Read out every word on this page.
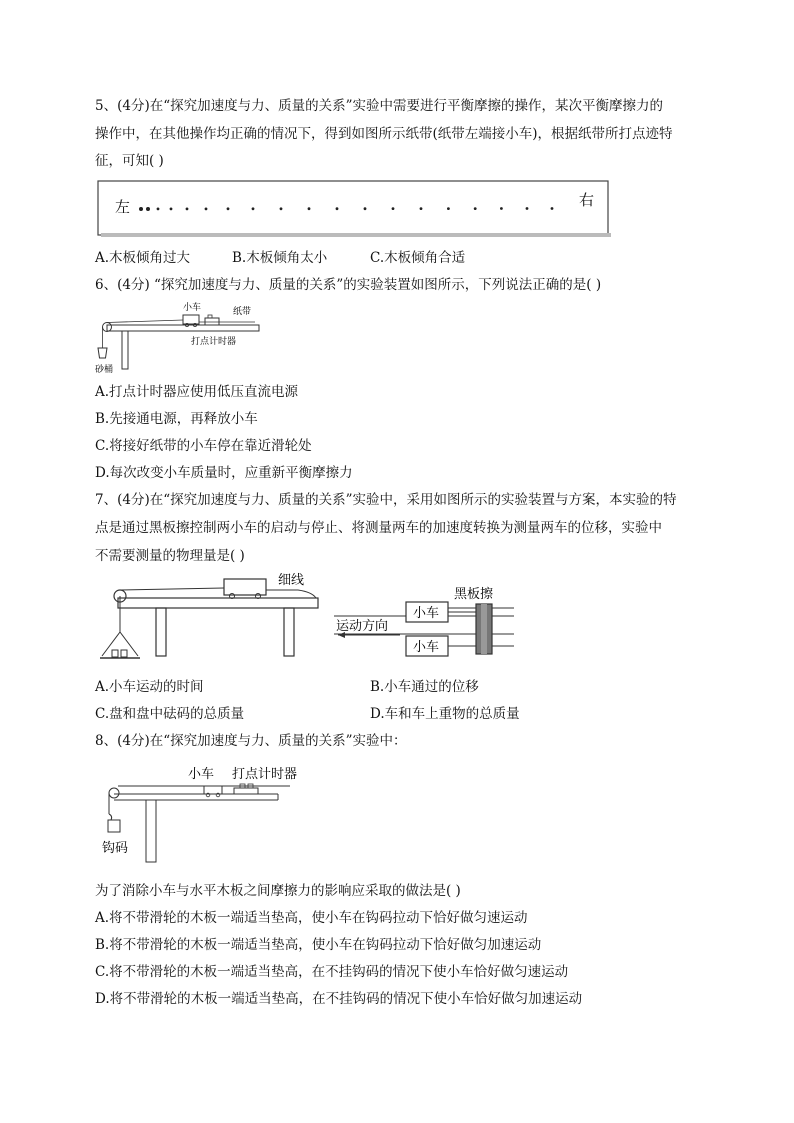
5、(4分)在“探究加速度与力、质量的关系”实验中需要进行平衡摩擦的操作，某次平衡摩擦力的
操作中，在其他操作均正确的情况下，得到如图所示纸带(纸带左端接小车)，根据纸带所打点迹特
征，可知( )
左	右
A.木板倾角过大	B.木板倾角太小	C.木板倾角合适
6、(4分) “探究加速度与力、质量的关系”的实验装置如图所示，下列说法正确的是( )
小车	纸带
打点计时器
砂桶
A.打点计时器应使用低压直流电源
B.先接通电源，再释放小车
C.将接好纸带的小车停在靠近滑轮处
D.每次改变小车质量时，应重新平衡摩擦力
7、(4分)在“探究加速度与力、质量的关系”实验中，采用如图所示的实验装置与方案，本实验的特
点是通过黑板擦控制两小车的启动与停止、将测量两车的加速度转换为测量两车的位移，实验中
不需要测量的物理量是( )
细线
小车
小车
运动方向
黑板擦
A.小车运动的时间	B.小车通过的位移
C.盘和盘中砝码的总质量	D.车和车上重物的总质量
8、(4分)在“探究加速度与力、质量的关系”实验中：
小车 打点计时器
钩码
为了消除小车与水平木板之间摩擦力的影响应采取的做法是( )
A.将不带滑轮的木板一端适当垫高，使小车在钩码拉动下恰好做匀速运动
B.将不带滑轮的木板一端适当垫高，使小车在钩码拉动下恰好做匀加速运动
C.将不带滑轮的木板一端适当垫高，在不挂钩码的情况下使小车恰好做匀速运动
D.将不带滑轮的木板一端适当垫高，在不挂钩码的情况下使小车恰好做匀加速运动
